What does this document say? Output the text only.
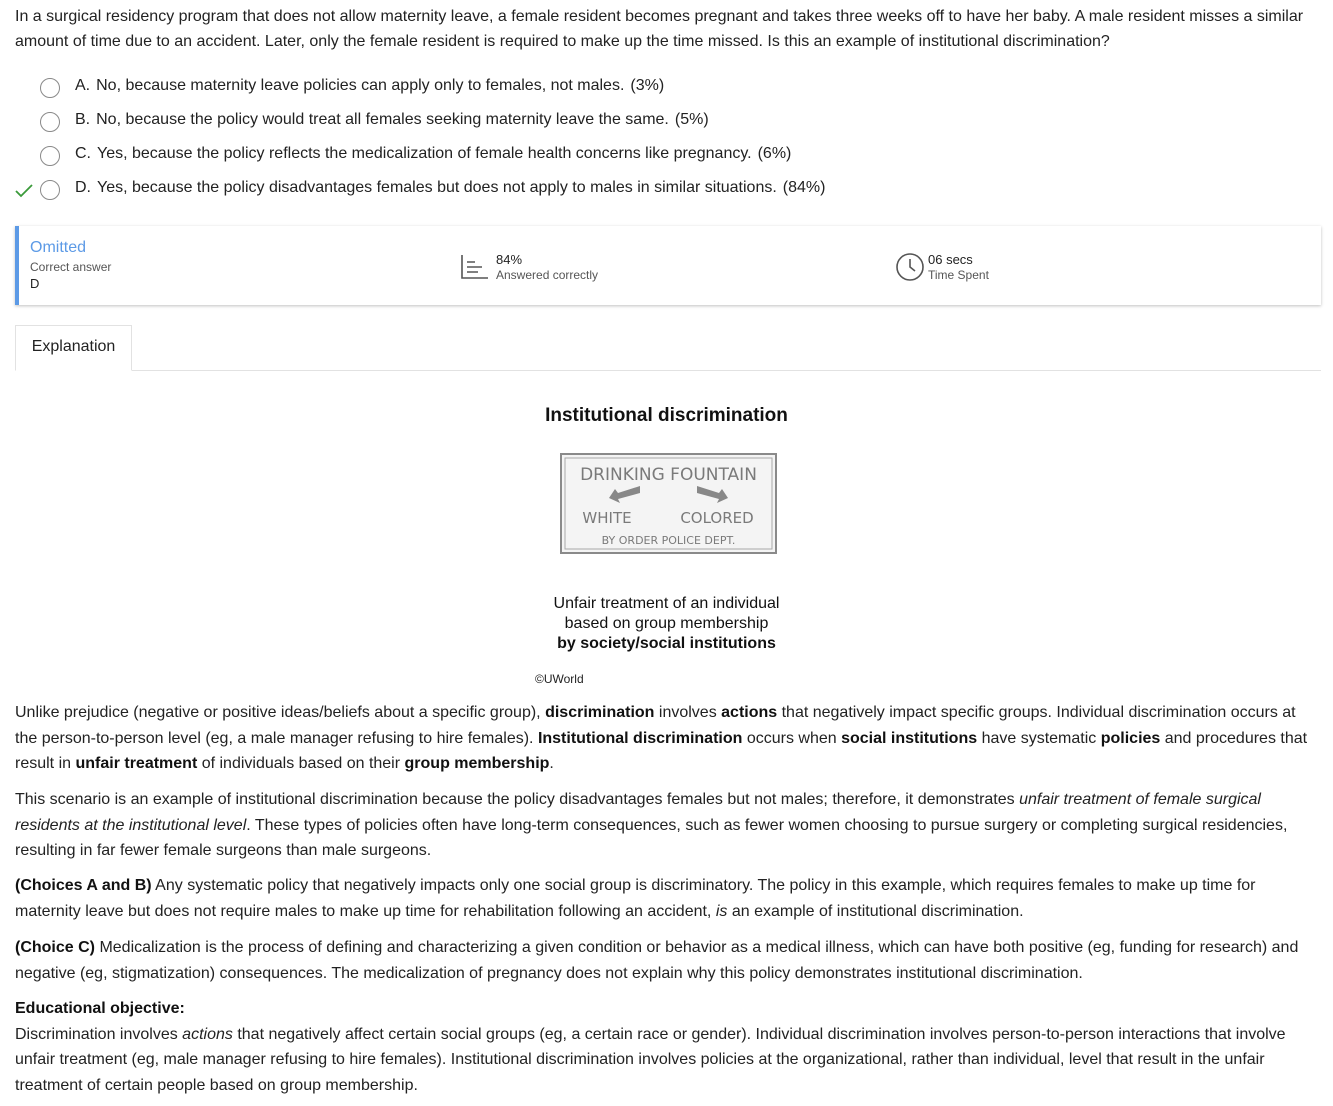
In a surgical residency program that does not allow maternity leave, a female resident becomes pregnant and takes three weeks off to have her baby. A male resident misses a similar amount of time due to an accident. Later, only the female resident is required to make up the time missed. Is this an example of institutional discrimination?
A. No, because maternity leave policies can apply only to females, not males. (3%)
B. No, because the policy would treat all females seeking maternity leave the same. (5%)
C. Yes, because the policy reflects the medicalization of female health concerns like pregnancy. (6%)
D. Yes, because the policy disadvantages females but does not apply to males in similar situations. (84%)
Omitted
Correct answer
D
84%
Answered correctly
06 secs
Time Spent
Explanation
Institutional discrimination
DRINKING FOUNTAIN
WHITE	COLORED
BY ORDER POLICE DEPT.
Unfair treatment of an individual
based on group membership
by society/social institutions
©UWorld
Unlike prejudice (negative or positive ideas/beliefs about a specific group), discrimination involves actions that negatively impact specific groups. Individual discrimination occurs at the person-to-person level (eg, a male manager refusing to hire females). Institutional discrimination occurs when social institutions have systematic policies and procedures that result in unfair treatment of individuals based on their group membership.
This scenario is an example of institutional discrimination because the policy disadvantages females but not males; therefore, it demonstrates unfair treatment of female surgical residents at the institutional level. These types of policies often have long-term consequences, such as fewer women choosing to pursue surgery or completing surgical residencies, resulting in far fewer female surgeons than male surgeons.
(Choices A and B) Any systematic policy that negatively impacts only one social group is discriminatory. The policy in this example, which requires females to make up time for maternity leave but does not require males to make up time for rehabilitation following an accident, is an example of institutional discrimination.
(Choice C) Medicalization is the process of defining and characterizing a given condition or behavior as a medical illness, which can have both positive (eg, funding for research) and negative (eg, stigmatization) consequences. The medicalization of pregnancy does not explain why this policy demonstrates institutional discrimination.
Educational objective:
Discrimination involves actions that negatively affect certain social groups (eg, a certain race or gender). Individual discrimination involves person-to-person interactions that involve unfair treatment (eg, male manager refusing to hire females). Institutional discrimination involves policies at the organizational, rather than individual, level that result in the unfair treatment of certain people based on group membership.
